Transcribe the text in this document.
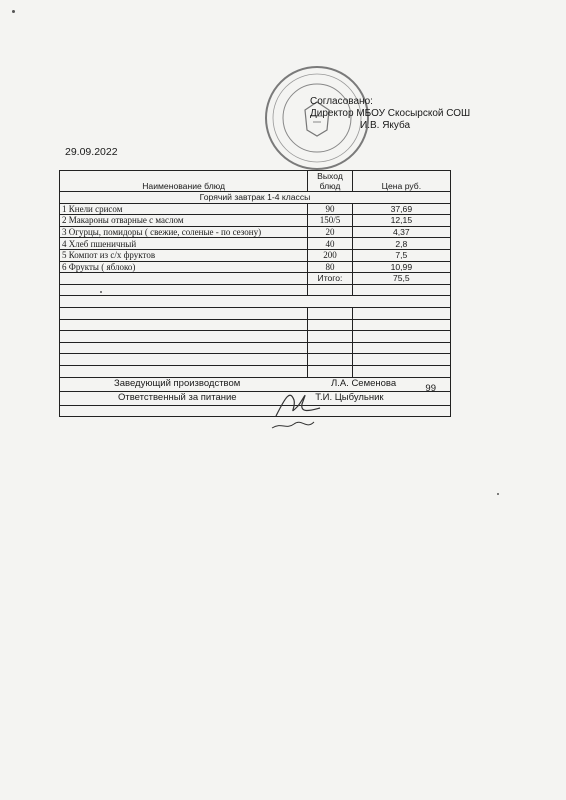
Согласовано:
Директор МБОУ Скосырской СОШ
И.В. Якуба
29.09.2022
Наименование блюд	Выход блюд	Цена руб.
Горячий завтрак 1-4 классы		
1 Кнели срисом	90	37,69
2 Макароны отварные с маслом	150/5	12,15
3 Огурцы, помидоры ( свежие, соленые - по сезону)	20	4,37
4 Хлеб пшеничный	40	2,8
5 Компот из с/х фруктов	200	7,5
6 Фрукты ( яблоко)	80	10,99
	Итого:	75,5

Заведующий производством Л.А. Семенова		
Ответственный за питание Т.И. Цыбульник
99		
